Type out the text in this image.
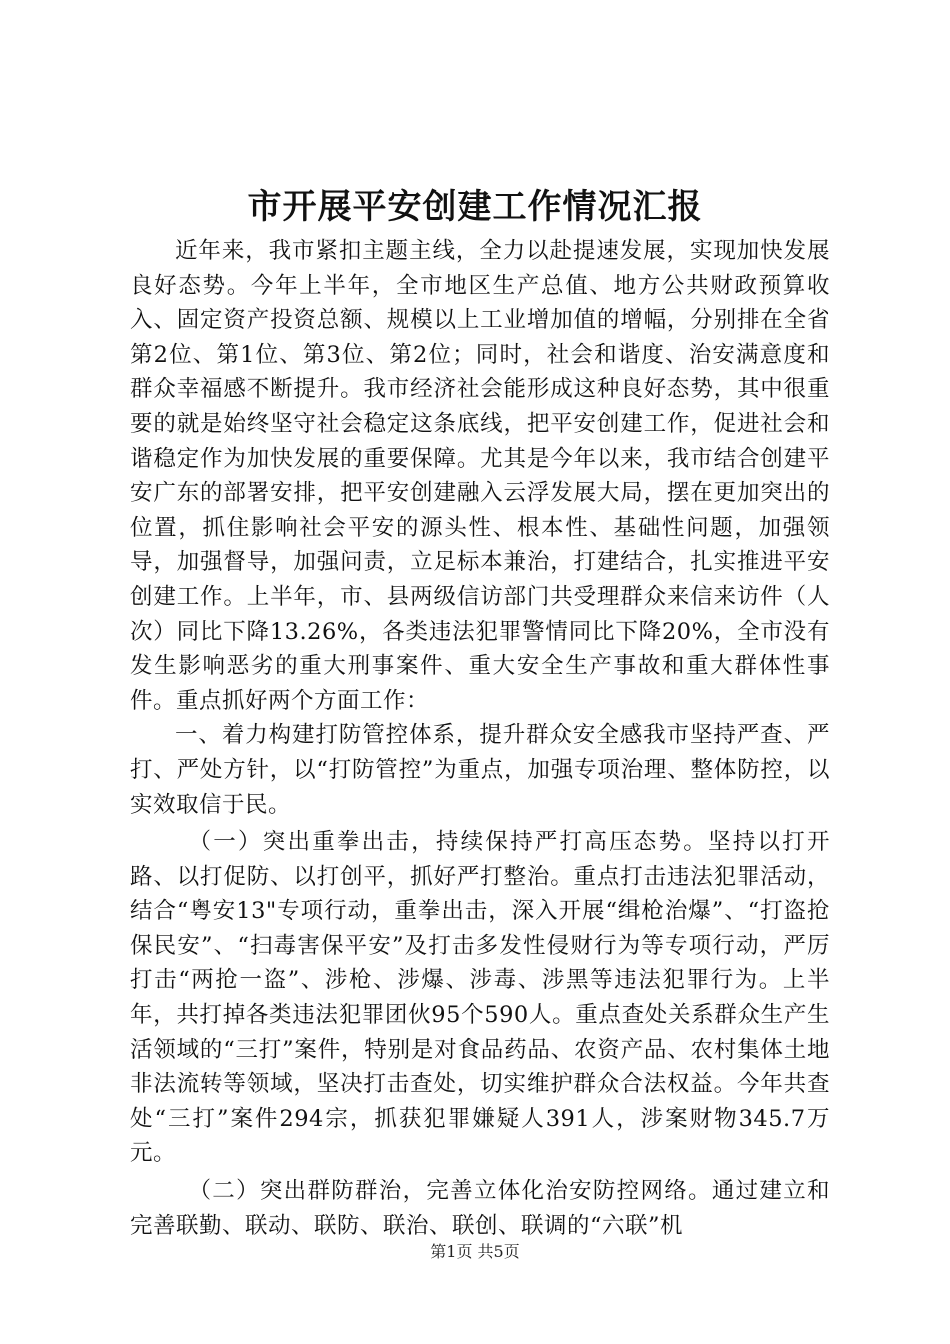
市开展平安创建工作情况汇报

近年来，我市紧扣主题主线，全力以赴提速发展，实现加快发展良好态势。今年上半年，全市地区生产总值、地方公共财政预算收入、固定资产投资总额、规模以上工业增加值的增幅，分别排在全省第2位、第1位、第3位、第2位；同时，社会和谐度、治安满意度和群众幸福感不断提升。我市经济社会能形成这种良好态势，其中很重要的就是始终坚守社会稳定这条底线，把平安创建工作，促进社会和谐稳定作为加快发展的重要保障。尤其是今年以来，我市结合创建平安广东的部署安排，把平安创建融入云浮发展大局，摆在更加突出的位置，抓住影响社会平安的源头性、根本性、基础性问题，加强领导，加强督导，加强问责，立足标本兼治，打建结合，扎实推进平安创建工作。上半年，市、县两级信访部门共受理群众来信来访件（人次）同比下降13.26%，各类违法犯罪警情同比下降20%，全市没有发生影响恶劣的重大刑事案件、重大安全生产事故和重大群体性事件。重点抓好两个方面工作：

一、着力构建打防管控体系，提升群众安全感我市坚持严查、严打、严处方针，以“打防管控”为重点，加强专项治理、整体防控，以实效取信于民。

（一）突出重拳出击，持续保持严打高压态势。坚持以打开路、以打促防、以打创平，抓好严打整治。重点打击违法犯罪活动，结合“粤安13"专项行动，重拳出击，深入开展“缉枪治爆”、“打盗抢保民安”、“扫毒害保平安”及打击多发性侵财行为等专项行动，严厉打击“两抢一盗”、涉枪、涉爆、涉毒、涉黑等违法犯罪行为。上半年，共打掉各类违法犯罪团伙95个590人。重点查处关系群众生产生活领域的“三打”案件，特别是对食品药品、农资产品、农村集体土地非法流转等领域，坚决打击查处，切实维护群众合法权益。今年共查处“三打”案件294宗，抓获犯罪嫌疑人391人，涉案财物345.7万元。

（二）突出群防群治，完善立体化治安防控网络。通过建立和完善联勤、联动、联防、联治、联创、联调的“六联”机

第1页 共5页
